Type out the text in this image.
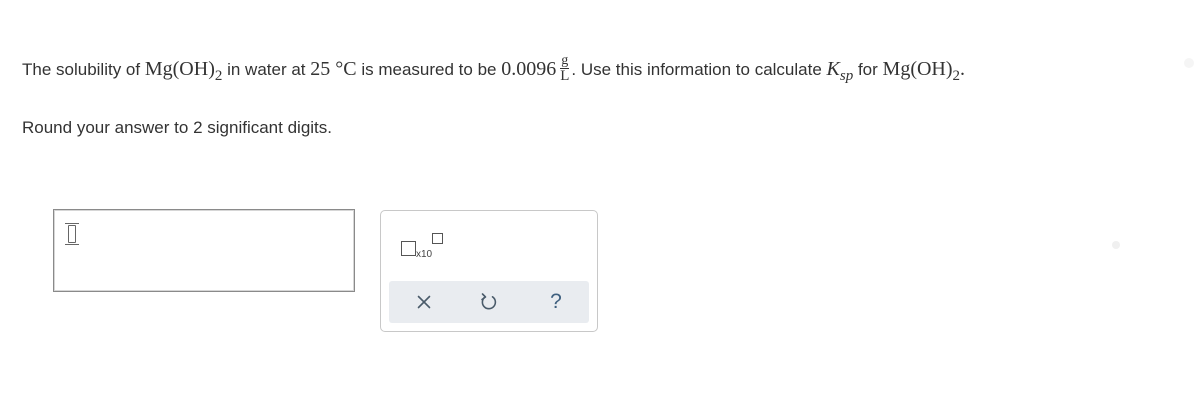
The solubility of $Mg(OH)_2$ in water at 25 °C is measured to be $0.0096 \frac{g}{L}$ . Use this information to calculate $K_{sp}$ for $Mg(OH)_2$.
Round your answer to 2 significant digits.
x10
?
